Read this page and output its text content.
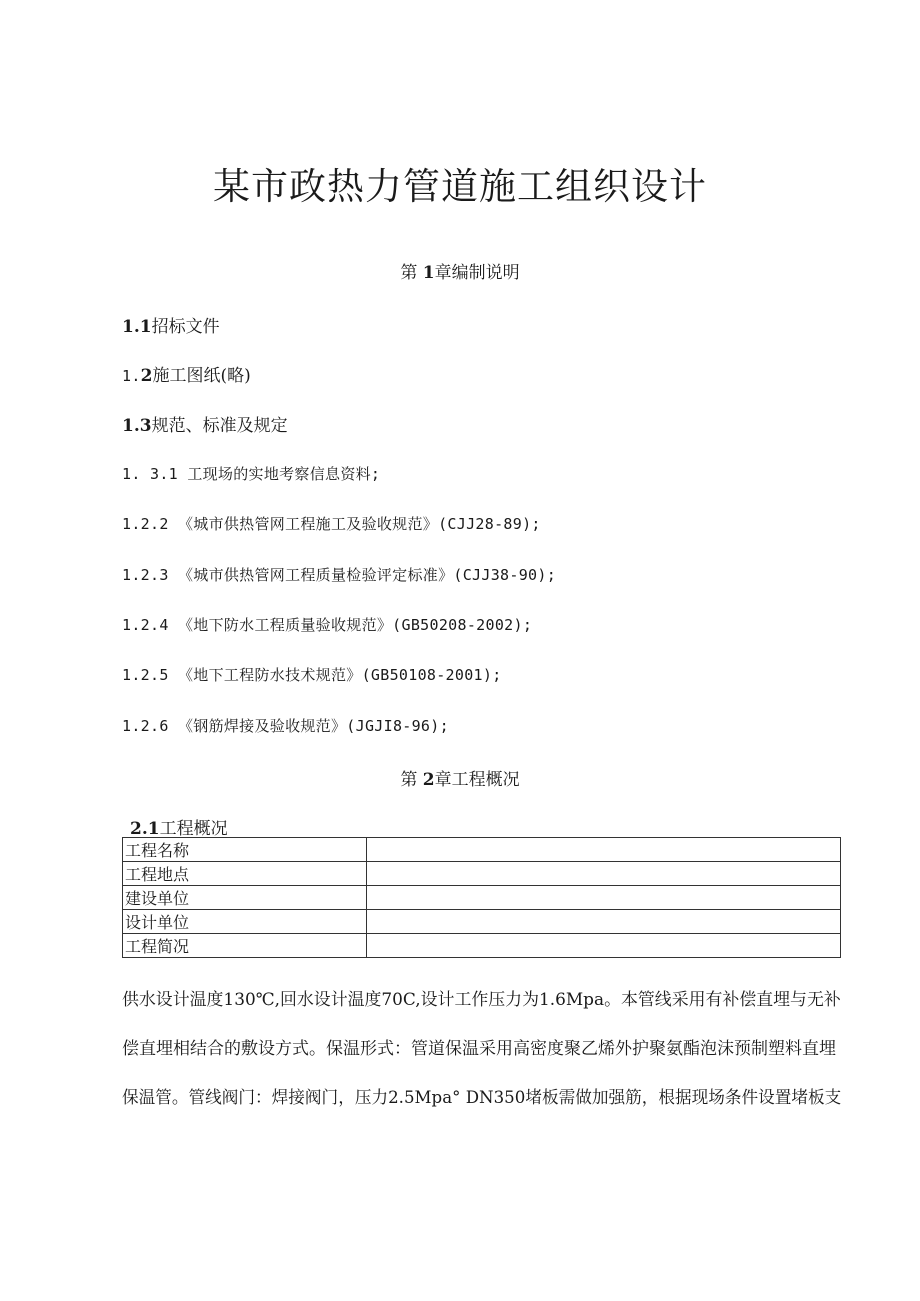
某市政热力管道施工组织设计
第 1章编制说明
1.1招标文件
1.2施工图纸(略)
1.3规范、标准及规定
1. 3.1 工现场的实地考察信息资料;
1.2.2 《城市供热管网工程施工及验收规范》(CJJ28-89);
1.2.3 《城市供热管网工程质量检验评定标准》(CJJ38-90);
1.2.4 《地下防水工程质量验收规范》(GB50208-2002);
1.2.5 《地下工程防水技术规范》(GB50108-2001);
1.2.6 《钢筋焊接及验收规范》(JGJI8-96);
第 2章工程概况
2.1工程概况
工程名称	
工程地点	
建设单位	
设计单位	
工程简况	
供水设计温度130℃,回水设计温度70C,设计工作压力为1.6Mpa。本管线采用有补偿直埋与无补
偿直埋相结合的敷设方式。保温形式：管道保温采用高密度聚乙烯外护聚氨酯泡沫预制塑料直埋
保温管。管线阀门：焊接阀门，压力2.5Mpa° DN350堵板需做加强筋，根据现场条件设置堵板支
